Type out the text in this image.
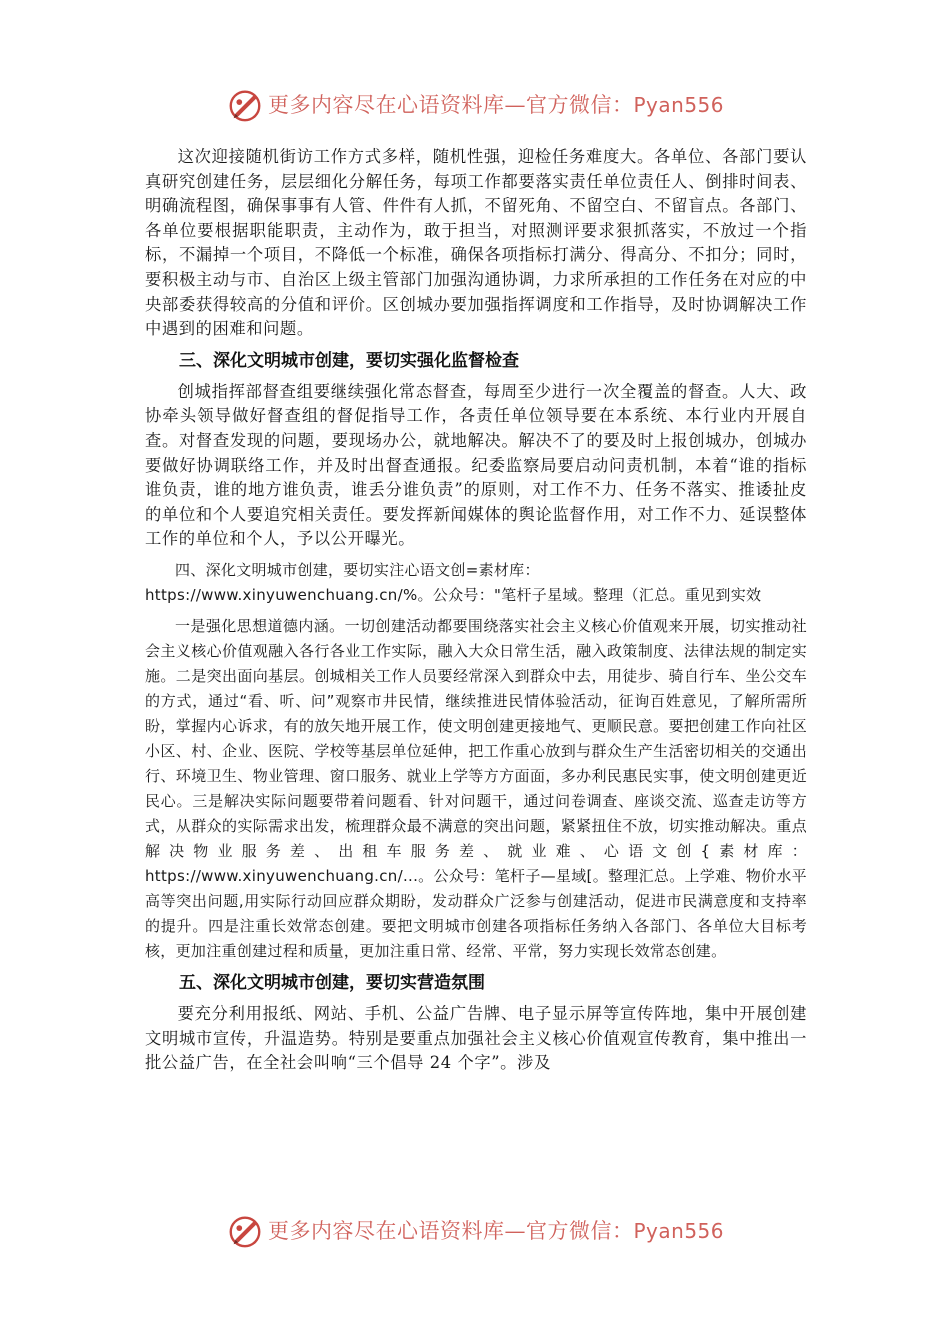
更多内容尽在心语资料库—官方微信：Pyan556

这次迎接随机街访工作方式多样，随机性强，迎检任务难度大。各单位、各部门要认真研究创建任务，层层细化分解任务，每项工作都要落实责任单位责任人、倒排时间表、明确流程图，确保事事有人管、件件有人抓，不留死角、不留空白、不留盲点。各部门、各单位要根据职能职责，主动作为，敢于担当，对照测评要求狠抓落实，不放过一个指标，不漏掉一个项目，不降低一个标准，确保各项指标打满分、得高分、不扣分；同时，要积极主动与市、自治区上级主管部门加强沟通协调，力求所承担的工作任务在对应的中央部委获得较高的分值和评价。区创城办要加强指挥调度和工作指导，及时协调解决工作中遇到的困难和问题。

三、深化文明城市创建，要切实强化监督检查

创城指挥部督查组要继续强化常态督查，每周至少进行一次全覆盖的督查。人大、政协牵头领导做好督查组的督促指导工作，各责任单位领导要在本系统、本行业内开展自查。对督查发现的问题，要现场办公，就地解决。解决不了的要及时上报创城办，创城办要做好协调联络工作，并及时出督查通报。纪委监察局要启动问责机制，本着“谁的指标谁负责，谁的地方谁负责，谁丢分谁负责”的原则，对工作不力、任务不落实、推诿扯皮的单位和个人要追究相关责任。要发挥新闻媒体的舆论监督作用，对工作不力、延误整体工作的单位和个人，予以公开曝光。

四、深化文明城市创建，要切实注心语文创=素材库：https://www.xinyuwenchuang.cn/%。公众号："笔杆子星域。整理（汇总。重见到实效

一是强化思想道德内涵。一切创建活动都要围绕落实社会主义核心价值观来开展，切实推动社会主义核心价值观融入各行各业工作实际，融入大众日常生活，融入政策制度、法律法规的制定实施。二是突出面向基层。创城相关工作人员要经常深入到群众中去，用徒步、骑自行车、坐公交车的方式，通过“看、听、问”观察市井民情，继续推进民情体验活动，征询百姓意见，了解所需所盼，掌握内心诉求，有的放矢地开展工作，使文明创建更接地气、更顺民意。要把创建工作向社区小区、村、企业、医院、学校等基层单位延伸，把工作重心放到与群众生产生活密切相关的交通出行、环境卫生、物业管理、窗口服务、就业上学等方方面面，多办利民惠民实事，使文明创建更近民心。三是解决实际问题要带着问题看、针对问题干，通过问卷调查、座谈交流、巡查走访等方式，从群众的实际需求出发，梳理群众最不满意的突出问题，紧紧扭住不放，切实推动解决。重点解决物业服务差、出租车服务差、就业难、心语文创{素材库：https://www.xinyuwenchuang.cn/...。公众号：笔杆子—星域[。整理汇总。上学难、物价水平高等突出问题,用实际行动回应群众期盼，发动群众广泛参与创建活动，促进市民满意度和支持率的提升。四是注重长效常态创建。要把文明城市创建各项指标任务纳入各部门、各单位大目标考核，更加注重创建过程和质量，更加注重日常、经常、平常，努力实现长效常态创建。

五、深化文明城市创建，要切实营造氛围

要充分利用报纸、网站、手机、公益广告牌、电子显示屏等宣传阵地，集中开展创建文明城市宣传，升温造势。特别是要重点加强社会主义核心价值观宣传教育，集中推出一批公益广告，在全社会叫响“三个倡导 24 个字”。涉及

更多内容尽在心语资料库—官方微信：Pyan556
